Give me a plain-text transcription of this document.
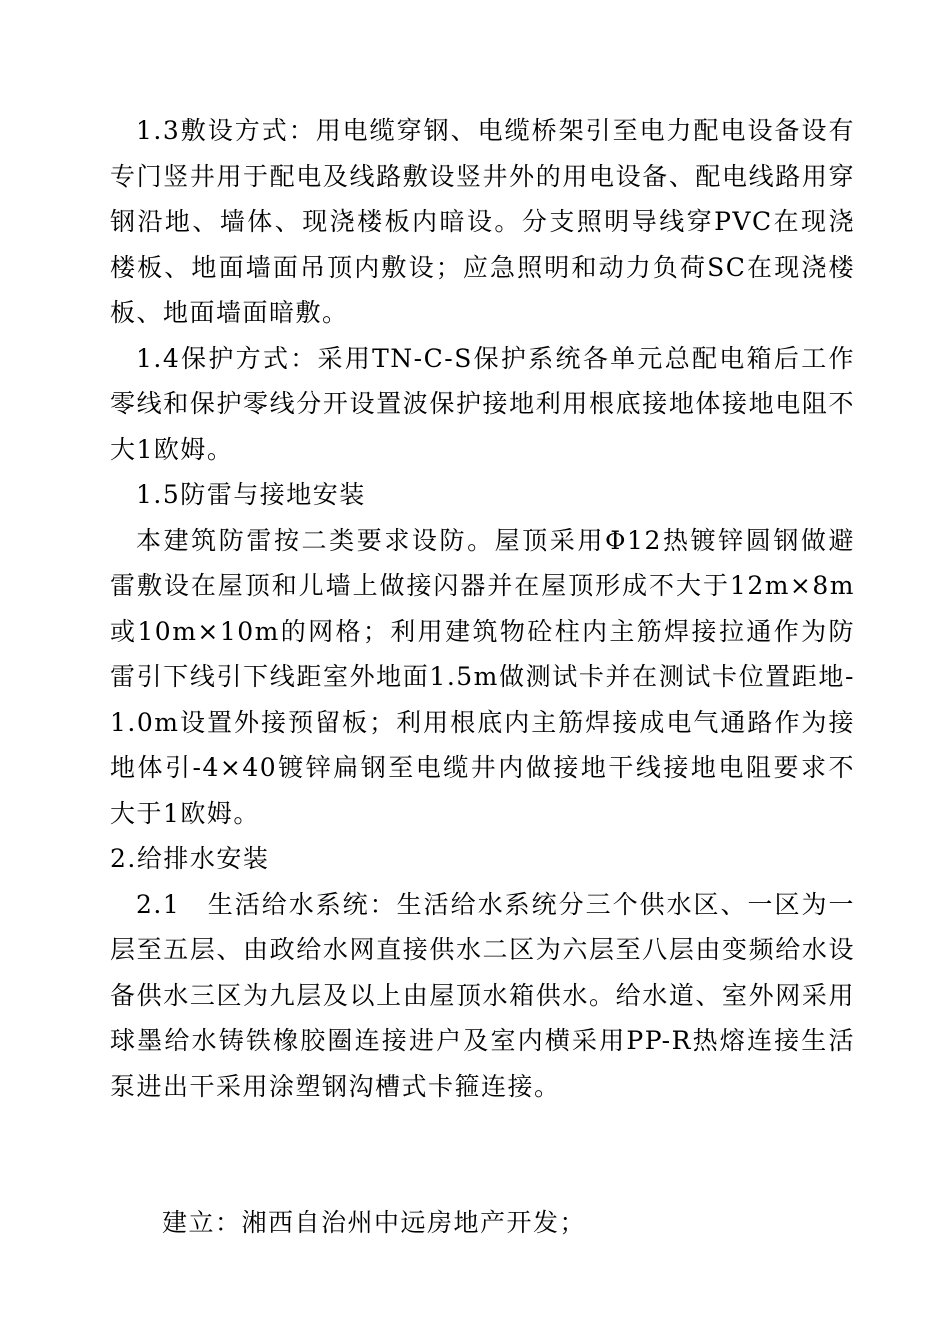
1.3敷设方式：用电缆穿钢、电缆桥架引至电力配电设备设有专门竖井用于配电及线路敷设竖井外的用电设备、配电线路用穿钢沿地、墙体、现浇楼板内暗设。分支照明导线穿PVC在现浇楼板、地面墙面吊顶内敷设；应急照明和动力负荷SC在现浇楼板、地面墙面暗敷。

1.4保护方式：采用TN-C-S保护系统各单元总配电箱后工作零线和保护零线分开设置波保护接地利用根底接地体接地电阻不大1欧姆。

1.5防雷与接地安装

本建筑防雷按二类要求设防。屋顶采用Φ12热镀锌圆钢做避雷敷设在屋顶和儿墙上做接闪器并在屋顶形成不大于12m×8m或10m×10m的网格；利用建筑物砼柱内主筋焊接拉通作为防雷引下线引下线距室外地面1.5m做测试卡并在测试卡位置距地-1.0m设置外接预留板；利用根底内主筋焊接成电气通路作为接地体引-4×40镀锌扁钢至电缆井内做接地干线接地电阻要求不大于1欧姆。

2.给排水安装

2.1　生活给水系统：生活给水系统分三个供水区、一区为一层至五层、由政给水网直接供水二区为六层至八层由变频给水设备供水三区为九层及以上由屋顶水箱供水。给水道、室外网采用球墨给水铸铁橡胶圈连接进户及室内横采用PP-R热熔连接生活泵进出干采用涂塑钢沟槽式卡箍连接。

建立：湘西自治州中远房地产开发；
